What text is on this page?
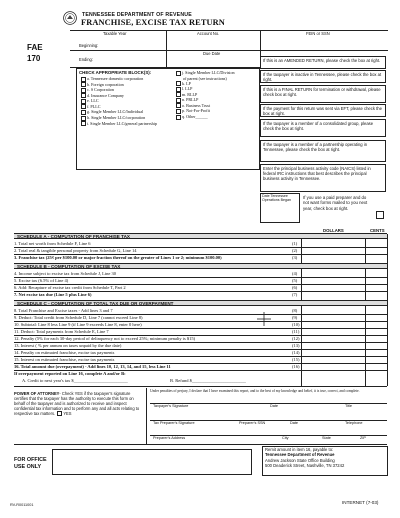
TENNESSEE DEPARTMENT OF REVENUE
FRANCHISE, EXCISE TAX RETURN
Taxable Year	Account No.	FEIN or SSN
FAE
170
Beginning:
Ending:
Due Date
CHECK APPROPRIATE BLOCK(S):
a. Tennessee domestic corporation
b. Foreign corporation
c. S Corporation
d. Insurance Company
e. LLC
f. PLLC
g. Single Member LLC/Individual
h. Single Member LLC/corporation
i. Single Member LLC/general partnership
j. Single Member LLC/Division
of parent (see instructions)
k. LP
l. LLP
m. RLLP
n. PRLLP
o. Business Trust
p. Not-For-Profit
q. Other______
If this is an AMENDED RETURN, please check the box at right.
If the taxpayer is inactive in Tennessee, please check the box at right.
If this is a FINAL RETURN for termination or withdrawal, please check box at right.
If the payment for this return was sent via EFT, please check the box at right.
If the taxpayer is a member of a consolidated group, please check the box at right.
If the taxpayer is a member of a partnership operating in Tennessee, please check the box at right.
Enter the principal business activity code (NAICS) listed in federal IRC instructions that best describes the principal business activity in Tennessee.
Date Tennessee Operations Began
If you use a paid preparer and do not want forms mailed to you next year, check box at right.
DOLLARS	CENTS
SCHEDULE A - COMPUTATION OF FRANCHISE TAX
1. Total net worth from Schedule F, Line 6	(1)
2. Total real & tangible personal property from Schedule G, Line 14	(2)
3. Franchise tax (25¢ per $100.00 or major fraction thereof on the greater of Lines 1 or 2; minimum $100.00)	(3)
SCHEDULE B - COMPUTATION OF EXCISE TAX
4. Income subject to excise tax from Schedule J, Line 30	(4)
5. Excise tax (6.5% of Line 4)	(5)
6. Add: Recapture of excise tax credit from Schedule T, Part 2	(6)
7. Net excise tax due (Line 5 plus Line 6)	(7)
SCHEDULE C - COMPUTATION OF TOTAL TAX DUE OR OVERPAYMENT
8. Total Franchise and Excise taxes - Add lines 3 and 7	(8)
9. Deduct: Total credit from Schedule D, Line 7 (cannot exceed Line 8)	(9)
10. Subtotal: Line 8 less Line 9 (if Line 9 exceeds Line 8, enter 0 here)	(10)
11. Deduct: Total payments from Schedule E, Line 7	(11)
12. Penalty (5% for each 30-day period of delinquency not to exceed 25%; minimum penalty is $15)	(12)
13. Interest ( % per annum on taxes unpaid by the due date)	(13)
14. Penalty on estimated franchise, excise tax payments	(14)
15. Interest on estimated franchise, excise tax payments	(15)
16. Total amount due (overpayment) - Add lines 10, 12, 13, 14, and 15, less Line 11	(16)
If overpayment reported on Line 16, complete A and/or B:
A. Credit to next year's tax $________________________	B. Refund $________________________
POWER OF ATTORNEY- Check YES if the taxpayer's signature certifies that the taxpayer has the authority to execute this form on behalf of the taxpayer and is authorized to receive and inspect confidential tax information and to perform any and all acts relating to respective tax matters. YES
Under penalties of perjury, I declare that I have examined this report, and to the best of my knowledge and belief, it is true, correct, and complete.
Taxpayer's Signature	Date	Title
Tax Preparer's Signature	Preparer's SSN	Date	Telephone
Preparer's Address	City	State	ZIP
FOR OFFICE USE ONLY
Remit amount in item 16, payable to:
Tennessee Department of Revenue
Andrew Jackson State Office Building
500 Deaderick Street, Nashville, TN 37242
RV-R0011001	INTERNET (7-03)
